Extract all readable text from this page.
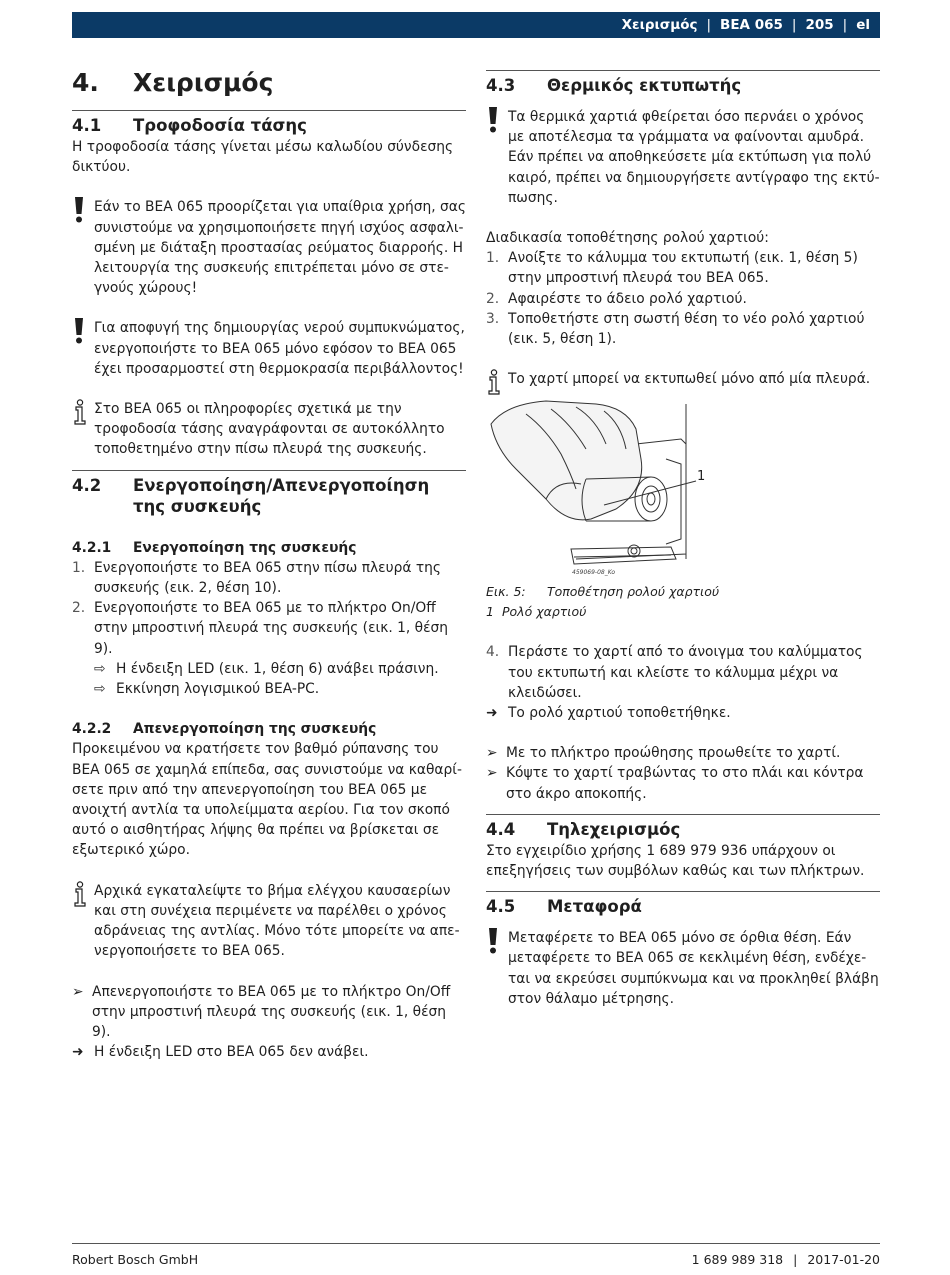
Χειρισμός | BEA 065 | 205 | el
4.	Χειρισμός
4.1	Τροφοδοσία τάσης

Η τροφοδοσία τάσης γίνεται μέσω καλωδίου σύνδεσης δικτύου.

Εάν το BEA 065 προορίζεται για υπαίθρια χρήση, σας συνιστούμε να χρησιμοποιήσετε πηγή ισχύος ασφαλισμένη με διάταξη προστασίας ρεύματος διαρροής. Η λειτουργία της συσκευής επιτρέπεται μόνο σε στεγνούς χώρους!

Για αποφυγή της δημιουργίας νερού συμπυκνώματος, ενεργοποιήστε το BEA 065 μόνο εφόσον το BEA 065 έχει προσαρμοστεί στη θερμοκρασία περιβάλλοντος!

Στο BEA 065 οι πληροφορίες σχετικά με την τροφοδοσία τάσης αναγράφονται σε αυτοκόλλητο τοποθετημένο στην πίσω πλευρά της συσκευής.

4.2	Ενεργοποίηση/Απενεργοποίηση της συσκευής
4.2.1	Ενεργοποίηση της συσκευής
1. Ενεργοποιήστε το BEA 065 στην πίσω πλευρά της συσκευής (εικ. 2, θέση 10).
2. Ενεργοποιήστε το BEA 065 με το πλήκτρο On/Off στην μπροστινή πλευρά της συσκευής (εικ. 1, θέση 9).
⇨ Η ένδειξη LED (εικ. 1, θέση 6) ανάβει πράσινη.
⇨ Εκκίνηση λογισμικού BEA-PC.
4.2.2	Απενεργοποίηση της συσκευής

Προκειμένου να κρατήσετε τον βαθμό ρύπανσης του BEA 065 σε χαμηλά επίπεδα, σας συνιστούμε να καθαρίσετε πριν από την απενεργοποίηση του BEA 065 με ανοιχτή αντλία τα υπολείμματα αερίου. Για τον σκοπό αυτό ο αισθητήρας λήψης θα πρέπει να βρίσκεται σε εξωτερικό χώρο.

Αρχικά εγκαταλείψτε το βήμα ελέγχου καυσαερίων και στη συνέχεια περιμένετε να παρέλθει ο χρόνος αδράνειας της αντλίας. Μόνο τότε μπορείτε να απενεργοποιήσετε το BEA 065.

➢ Απενεργοποιήστε το BEA 065 με το πλήκτρο On/Off στην μπροστινή πλευρά της συσκευής (εικ. 1, θέση 9).
➜ Η ένδειξη LED στο BEA 065 δεν ανάβει.
4.3	Θερμικός εκτυπωτής

Τα θερμικά χαρτιά φθείρεται όσο περνάει ο χρόνος με αποτέλεσμα τα γράμματα να φαίνονται αμυδρά. Εάν πρέπει να αποθηκεύσετε μία εκτύπωση για πολύ καιρό, πρέπει να δημιουργήσετε αντίγραφο της εκτύπωσης.

Διαδικασία τοποθέτησης ρολού χαρτιού:

1. Ανοίξτε το κάλυμμα του εκτυπωτή (εικ. 1, θέση 5) στην μπροστινή πλευρά του BEA 065.
2. Αφαιρέστε το άδειο ρολό χαρτιού.
3. Τοποθετήστε στη σωστή θέση το νέο ρολό χαρτιού (εικ. 5, θέση 1).

Το χαρτί μπορεί να εκτυπωθεί μόνο από μία πλευρά.

1
459069-08_Ko
Εικ. 5: Τοποθέτηση ρολού χαρτιού
1 Ρολό χαρτιού
4. Περάστε το χαρτί από το άνοιγμα του καλύμματος του εκτυπωτή και κλείστε το κάλυμμα μέχρι να κλειδώσει.
➜ Το ρολό χαρτιού τοποθετήθηκε.
➢ Με το πλήκτρο προώθησης προωθείτε το χαρτί.
➢ Κόψτε το χαρτί τραβώντας το στο πλάι και κόντρα στο άκρο αποκοπής.
4.4	Τηλεχειρισμός

Στο εγχειρίδιο χρήσης 1 689 979 936 υπάρχουν οι επεξηγήσεις των συμβόλων καθώς και των πλήκτρων.

4.5	Μεταφορά

Μεταφέρετε το BEA 065 μόνο σε όρθια θέση. Εάν μεταφέρετε το BEA 065 σε κεκλιμένη θέση, ενδέχεται να εκρεύσει συμπύκνωμα και να προκληθεί βλάβη στον θάλαμο μέτρησης.

Robert Bosch GmbH	1 689 989 318 | 2017-01-20
